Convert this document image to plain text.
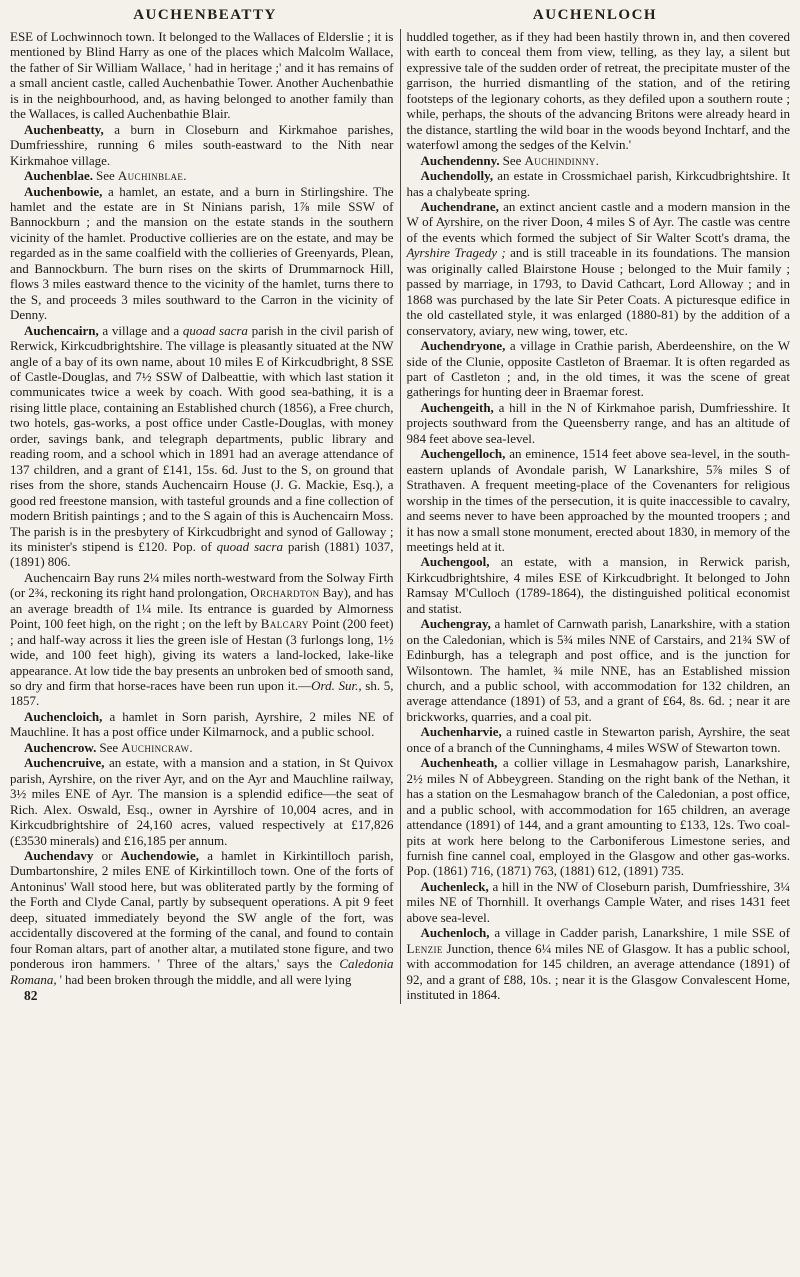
AUCHENBEATTY	AUCHENLOCH

ESE of Lochwinnoch town. It belonged to the Wallaces of Elderslie ; it is mentioned by Blind Harry as one of the places which Malcolm Wallace, the father of Sir William Wallace, ' had in heritage ;' and it has remains of a small ancient castle, called Auchenbathie Tower. Another Auchenbathie is in the neighbourhood, and, as having belonged to another family than the Wallaces, is called Auchenbathie Blair.

Auchenbeatty, a burn in Closeburn and Kirkmahoe parishes, Dumfriesshire, running 6 miles south-eastward to the Nith near Kirkmahoe village.

Auchenblae. See Auchinblae.

Auchenbowie, a hamlet, an estate, and a burn in Stirlingshire. The hamlet and the estate are in St Ninians parish, 1⅞ mile SSW of Bannockburn ; and the mansion on the estate stands in the southern vicinity of the hamlet. Productive collieries are on the estate, and may be regarded as in the same coalfield with the collieries of Greenyards, Plean, and Bannockburn. The burn rises on the skirts of Drummarnock Hill, flows 3 miles eastward thence to the vicinity of the hamlet, turns there to the S, and proceeds 3 miles southward to the Carron in the vicinity of Denny.

Auchencairn, a village and a quoad sacra parish in the civil parish of Rerwick, Kirkcudbrightshire. The village is pleasantly situated at the NW angle of a bay of its own name, about 10 miles E of Kirkcudbright, 8 SSE of Castle-Douglas, and 7½ SSW of Dalbeattie, with which last station it communicates twice a week by coach. With good sea-bathing, it is a rising little place, containing an Established church (1856), a Free church, two hotels, gas-works, a post office under Castle-Douglas, with money order, savings bank, and telegraph departments, public library and reading room, and a school which in 1891 had an average attendance of 137 children, and a grant of £141, 15s. 6d. Just to the S, on ground that rises from the shore, stands Auchencairn House (J. G. Mackie, Esq.), a good red freestone mansion, with tasteful grounds and a fine collection of modern British paintings ; and to the S again of this is Auchencairn Moss. The parish is in the presbytery of Kirkcudbright and synod of Galloway ; its minister's stipend is £120. Pop. of quoad sacra parish (1881) 1037, (1891) 806.

Auchencairn Bay runs 2¼ miles north-westward from the Solway Firth (or 2¾, reckoning its right hand prolongation, Orchardton Bay), and has an average breadth of 1¼ mile. Its entrance is guarded by Almorness Point, 100 feet high, on the right ; on the left by Balcary Point (200 feet) ; and half-way across it lies the green isle of Hestan (3 furlongs long, 1½ wide, and 100 feet high), giving its waters a land-locked, lake-like appearance. At low tide the bay presents an unbroken bed of smooth sand, so dry and firm that horse-races have been run upon it.—Ord. Sur., sh. 5, 1857.

Auchencloich, a hamlet in Sorn parish, Ayrshire, 2 miles NE of Mauchline. It has a post office under Kilmarnock, and a public school.

Auchencrow. See Auchincraw.

Auchencruive, an estate, with a mansion and a station, in St Quivox parish, Ayrshire, on the river Ayr, and on the Ayr and Mauchline railway, 3½ miles ENE of Ayr. The mansion is a splendid edifice—the seat of Rich. Alex. Oswald, Esq., owner in Ayrshire of 10,004 acres, and in Kirkcudbrightshire of 24,160 acres, valued respectively at £17,826 (£3530 minerals) and £16,185 per annum.

Auchendavy or Auchendowie, a hamlet in Kirkintilloch parish, Dumbartonshire, 2 miles ENE of Kirkintilloch town. One of the forts of Antoninus' Wall stood here, but was obliterated partly by the forming of the Forth and Clyde Canal, partly by subsequent operations. A pit 9 feet deep, situated immediately beyond the SW angle of the fort, was accidentally discovered at the forming of the canal, and found to contain four Roman altars, part of another altar, a mutilated stone figure, and two ponderous iron hammers. ' Three of the altars,' says the Caledonia Romana, ' had been broken through the middle, and all were lying

82

huddled together, as if they had been hastily thrown in, and then covered with earth to conceal them from view, telling, as they lay, a silent but expressive tale of the sudden order of retreat, the precipitate muster of the garrison, the hurried dismantling of the station, and of the retiring footsteps of the legionary cohorts, as they defiled upon a southern route ; while, perhaps, the shouts of the advancing Britons were already heard in the distance, startling the wild boar in the woods beyond Inchtarf, and the waterfowl among the sedges of the Kelvin.'

Auchendenny. See Auchindinny.

Auchendolly, an estate in Crossmichael parish, Kirkcudbrightshire. It has a chalybeate spring.

Auchendrane, an extinct ancient castle and a modern mansion in the W of Ayrshire, on the river Doon, 4 miles S of Ayr. The castle was centre of the events which formed the subject of Sir Walter Scott's drama, the Ayrshire Tragedy ; and is still traceable in its foundations. The mansion was originally called Blairstone House ; belonged to the Muir family ; passed by marriage, in 1793, to David Cathcart, Lord Alloway ; and in 1868 was purchased by the late Sir Peter Coats. A picturesque edifice in the old castellated style, it was enlarged (1880-81) by the addition of a conservatory, aviary, new wing, tower, etc.

Auchendryone, a village in Crathie parish, Aberdeenshire, on the W side of the Clunie, opposite Castleton of Braemar. It is often regarded as part of Castleton ; and, in the old times, it was the scene of great gatherings for hunting deer in Braemar forest.

Auchengeith, a hill in the N of Kirkmahoe parish, Dumfriesshire. It projects southward from the Queensberry range, and has an altitude of 984 feet above sea-level.

Auchengelloch, an eminence, 1514 feet above sea-level, in the south-eastern uplands of Avondale parish, W Lanarkshire, 5⅞ miles S of Strathaven. A frequent meeting-place of the Covenanters for religious worship in the times of the persecution, it is quite inaccessible to cavalry, and seems never to have been approached by the mounted troopers ; and it has now a small stone monument, erected about 1830, in memory of the meetings held at it.

Auchengool, an estate, with a mansion, in Rerwick parish, Kirkcudbrightshire, 4 miles ESE of Kirkcudbright. It belonged to John Ramsay M'Culloch (1789-1864), the distinguished political economist and statist.

Auchengray, a hamlet of Carnwath parish, Lanarkshire, with a station on the Caledonian, which is 5¾ miles NNE of Carstairs, and 21¾ SW of Edinburgh, has a telegraph and post office, and is the junction for Wilsontown. The hamlet, ¾ mile NNE, has an Established mission church, and a public school, with accommodation for 132 children, an average attendance (1891) of 53, and a grant of £64, 8s. 6d. ; near it are brickworks, quarries, and a coal pit.

Auchenharvie, a ruined castle in Stewarton parish, Ayrshire, the seat once of a branch of the Cunninghams, 4 miles WSW of Stewarton town.

Auchenheath, a collier village in Lesmahagow parish, Lanarkshire, 2½ miles N of Abbeygreen. Standing on the right bank of the Nethan, it has a station on the Lesmahagow branch of the Caledonian, a post office, and a public school, with accommodation for 165 children, an average attendance (1891) of 144, and a grant amounting to £133, 12s. Two coal-pits at work here belong to the Carboniferous Limestone series, and furnish fine cannel coal, employed in the Glasgow and other gas-works. Pop. (1861) 716, (1871) 763, (1881) 612, (1891) 735.

Auchenleck, a hill in the NW of Closeburn parish, Dumfriesshire, 3¼ miles NE of Thornhill. It overhangs Cample Water, and rises 1431 feet above sea-level.

Auchenloch, a village in Cadder parish, Lanarkshire, 1 mile SSE of Lenzie Junction, thence 6¼ miles NE of Glasgow. It has a public school, with accommodation for 145 children, an average attendance (1891) of 92, and a grant of £88, 10s. ; near it is the Glasgow Convalescent Home, instituted in 1864.
